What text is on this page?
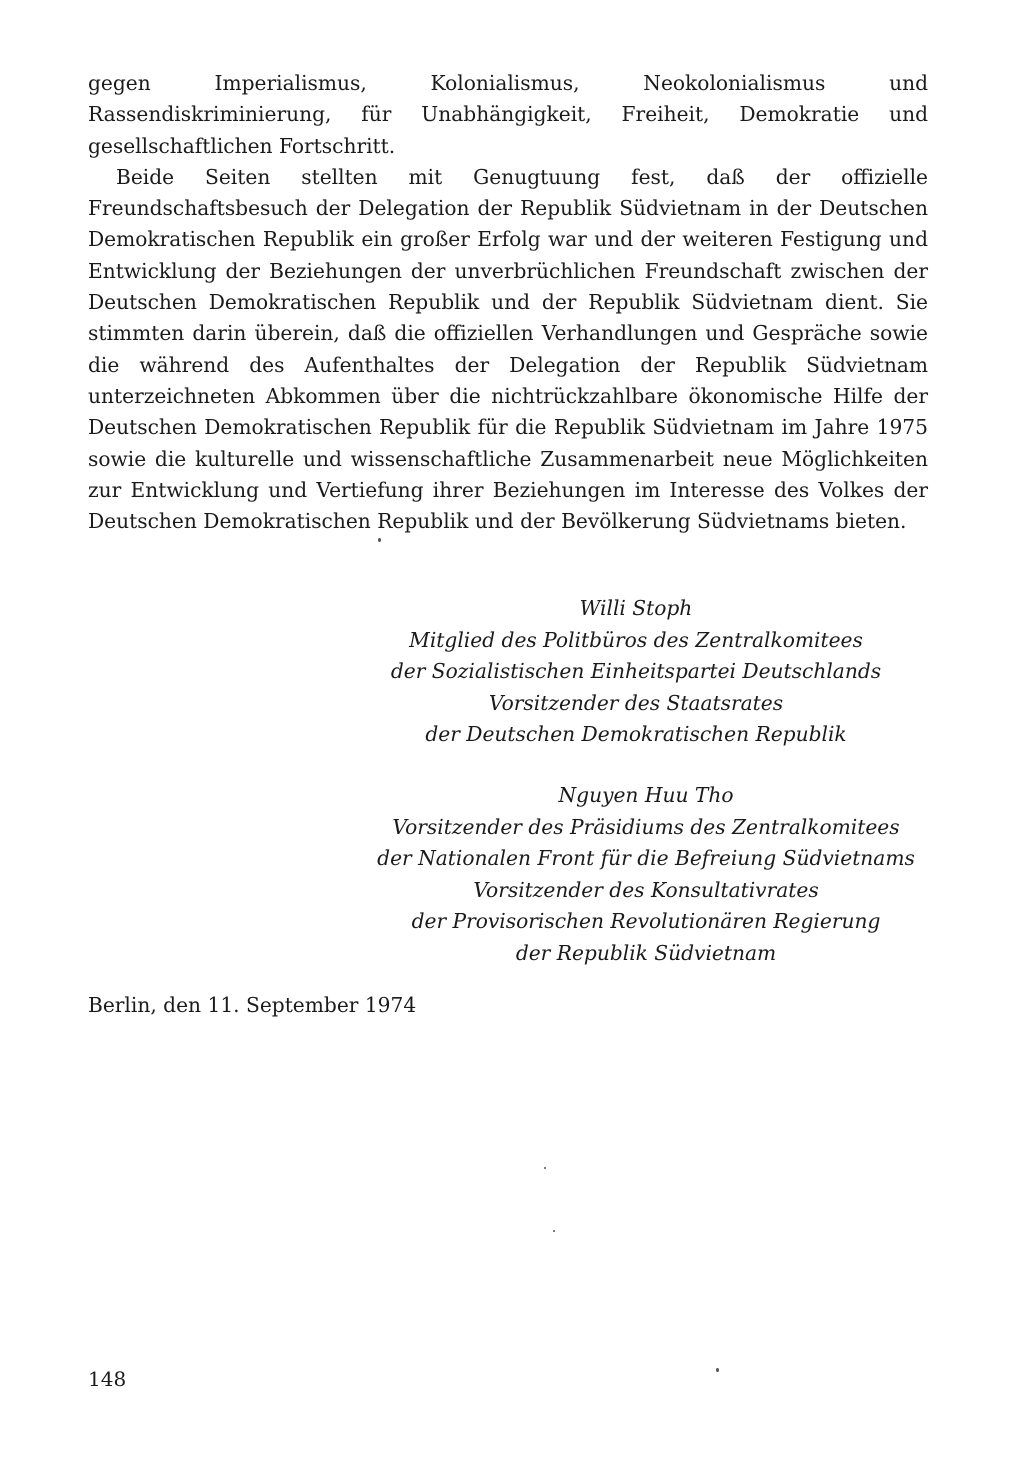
gegen Imperialismus, Kolonialismus, Neokolonialismus und Rassendiskriminierung, für Unabhängigkeit, Freiheit, Demokratie und gesellschaftlichen Fortschritt.

Beide Seiten stellten mit Genugtuung fest, daß der offizielle Freundschaftsbesuch der Delegation der Republik Südvietnam in der Deutschen Demokratischen Republik ein großer Erfolg war und der weiteren Festigung und Entwicklung der Beziehungen der unverbrüchlichen Freundschaft zwischen der Deutschen Demokratischen Republik und der Republik Südvietnam dient. Sie stimmten darin überein, daß die offiziellen Verhandlungen und Gespräche sowie die während des Aufenthaltes der Delegation der Republik Südvietnam unterzeichneten Abkommen über die nichtrückzahlbare ökonomische Hilfe der Deutschen Demokratischen Republik für die Republik Südvietnam im Jahre 1975 sowie die kulturelle und wissenschaftliche Zusammenarbeit neue Möglichkeiten zur Entwicklung und Vertiefung ihrer Beziehungen im Interesse des Volkes der Deutschen Demokratischen Republik und der Bevölkerung Südvietnams bieten.

Willi Stoph
Mitglied des Politbüros des Zentralkomitees
der Sozialistischen Einheitspartei Deutschlands
Vorsitzender des Staatsrates
der Deutschen Demokratischen Republik
Nguyen Huu Tho
Vorsitzender des Präsidiums des Zentralkomitees
der Nationalen Front für die Befreiung Südvietnams
Vorsitzender des Konsultativrates
der Provisorischen Revolutionären Regierung
der Republik Südvietnam
Berlin, den 11. September 1974
148
